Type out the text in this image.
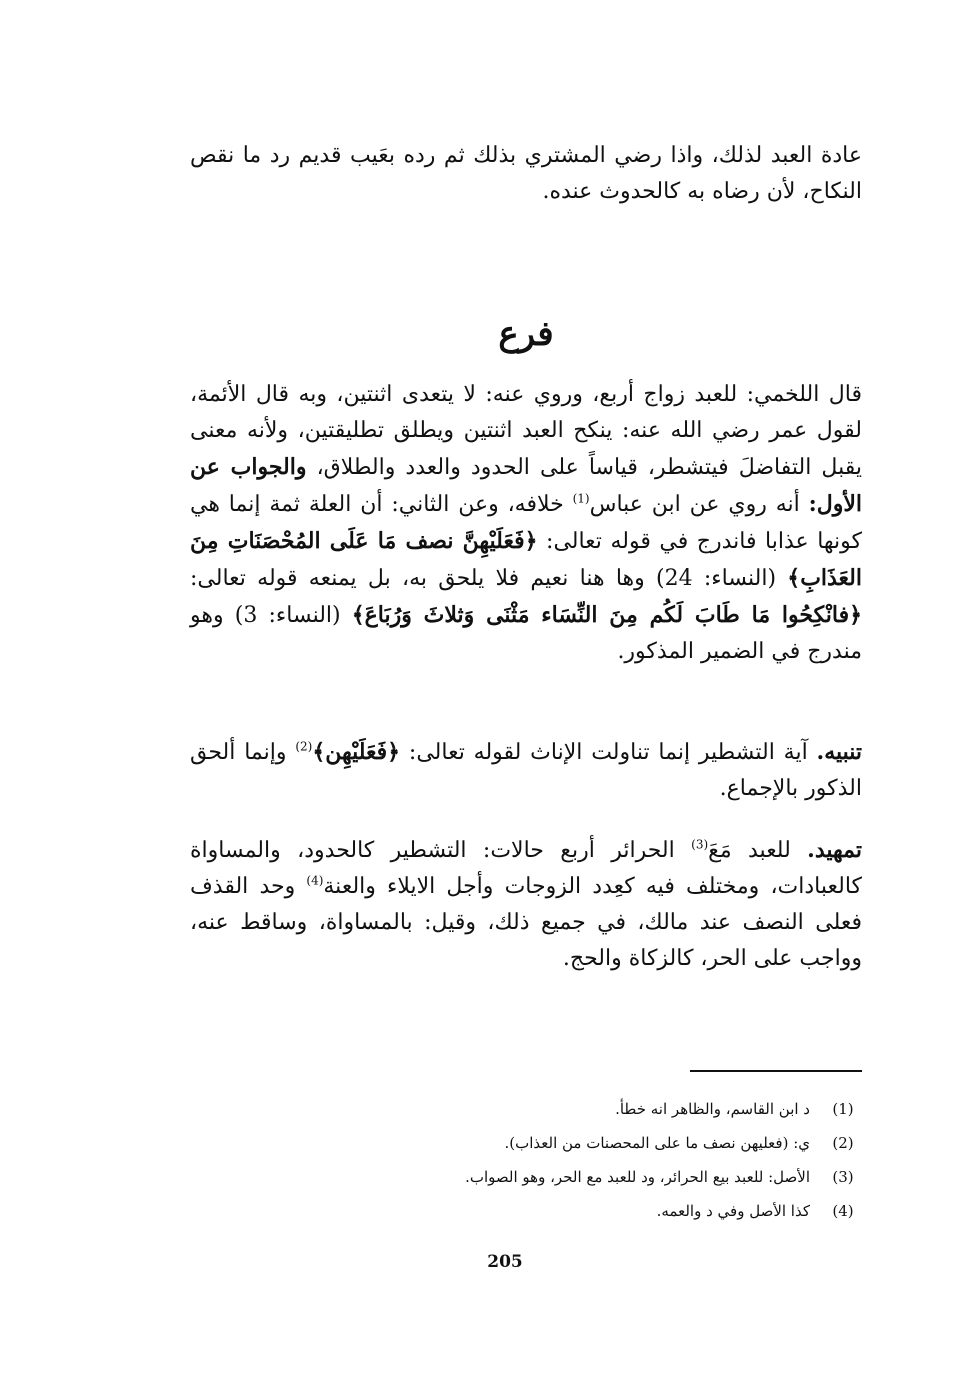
عادة العبد لذلك، واذا رضي المشتري بذلك ثم رده بعَيب قديم رد ما نقص النكاح، لأن رضاه به كالحدوث عنده.

فرع

قال اللخمي: للعبد زواج أربع، وروي عنه: لا يتعدى اثنتين، وبه قال الأئمة، لقول عمر رضي الله عنه: ينكح العبد اثنتين ويطلق تطليقتين، ولأنه معنى يقبل التفاضلَ فيتشطر، قياساً على الحدود والعدد والطلاق، والجواب عن الأول: أنه روي عن ابن عباس$^{(1)}$ خلافه، وعن الثاني: أن العلة ثمة إنما هي كونها عذابا فاندرج في قوله تعالى: ﴿فَعَلَيْهِنَّ نصف مَا عَلَى المُحْصَنَاتِ مِنَ العَذَابِ﴾ (النساء: 24) وها هنا نعيم فلا يلحق به، بل يمنعه قوله تعالى: ﴿فانْكِحُوا مَا طَابَ لَكُم مِنَ النِّسَاء مَثْنَى وَثلاثَ وَرُبَاعَ﴾ (النساء: 3) وهو مندرج في الضمير المذكور.

تنبيه. آية التشطير إنما تناولت الإناث لقوله تعالى: ﴿فَعَلَيْهِن﴾$^{(2)}$ وإنما ألحق الذكور بالإجماع.

تمهيد. للعبد مَعَ$^{(3)}$ الحرائر أربع حالات: التشطير كالحدود، والمساواة كالعبادات، ومختلف فيه كعِدد الزوجات وأجل الايلاء والعنة$^{(4)}$ وحد القذف فعلى النصف عند مالك، في جميع ذلك، وقيل: بالمساواة، وساقط عنه، وواجب على الحر، كالزكاة والحج.

(1)
د ابن القاسم، والظاهر انه خطأ.
(2)
ي: (فعليهن نصف ما على المحصنات من العذاب).
(3)
الأصل: للعبد بيع الحرائر، ود للعبد مع الحر، وهو الصواب.
(4)
كذا الأصل وفي د والعمه.
205
